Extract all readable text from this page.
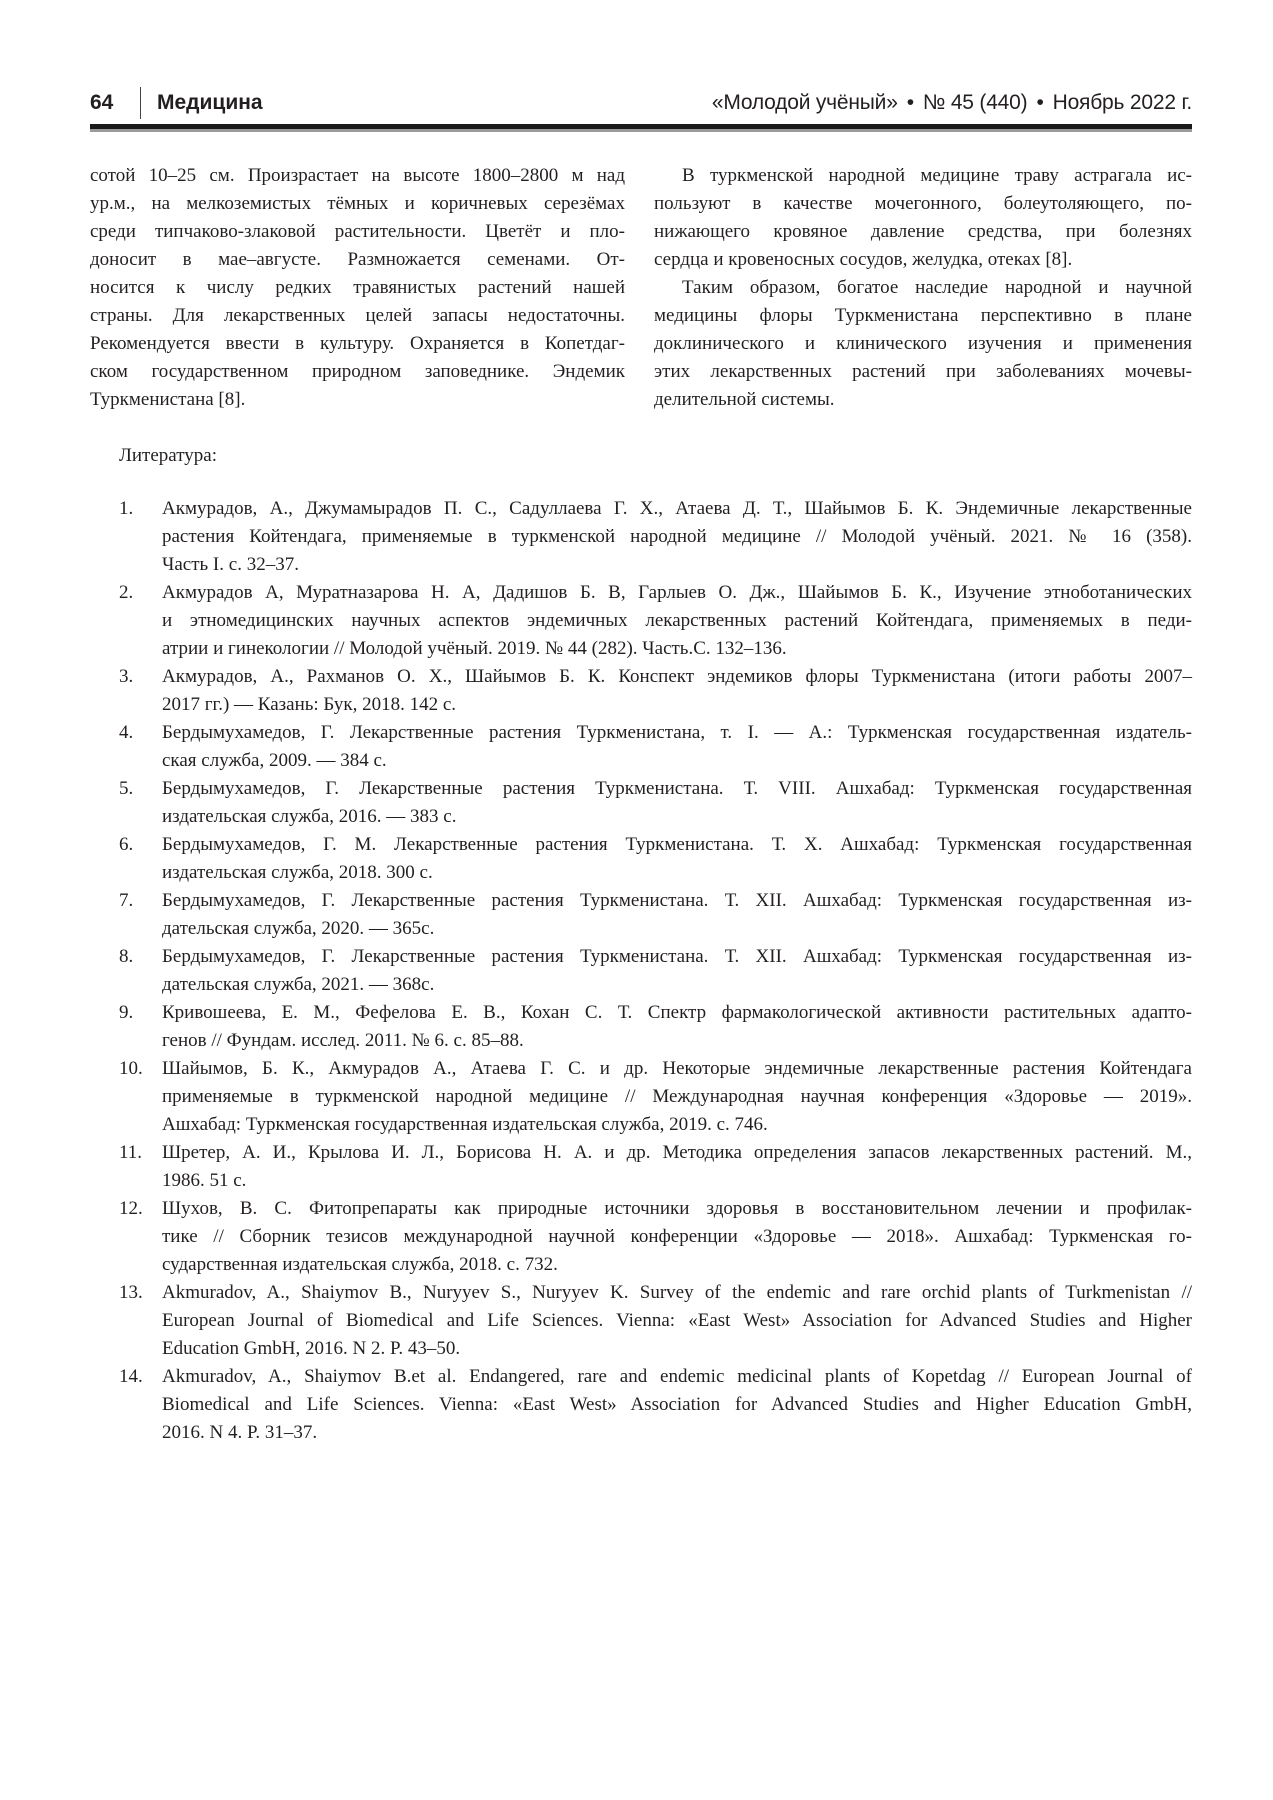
64	Медицина	«Молодой учёный» • № 45 (440) • Ноябрь 2022 г.
сотой 10–25 см. Произрастает на высоте 1800–2800 м над
ур.м., на мелкоземистых тёмных и коричневых серезёмах
среди типчаково-злаковой растительности. Цветёт и пло-
доносит в мае–августе. Размножается семенами. От-
носится к числу редких травянистых растений нашей
страны. Для лекарственных целей запасы недостаточны.
Рекомендуется ввести в культуру. Охраняется в Копетдаг-
ском государственном природном заповеднике. Эндемик
Туркменистана [8].
В туркменской народной медицине траву астрагала ис-
пользуют в качестве мочегонного, болеутоляющего, по-
нижающего кровяное давление средства, при болезнях
сердца и кровеносных сосудов, желудка, отеках [8].
Таким образом, богатое наследие народной и научной
медицины флоры Туркменистана перспективно в плане
доклинического и клинического изучения и применения
этих лекарственных растений при заболеваниях мочевы-
делительной системы.
Литература:
1.	Акмурадов, А., Джумамырадов П. С., Садуллаева Г. Х., Атаева Д. Т., Шайымов Б. К. Эндемичные лекарственные
растения Койтендага, применяемые в туркменской народной медицине // Молодой учёный. 2021. № 16 (358).
Часть I. с. 32–37.
2.	Акмурадов А, Муратназарова Н. А, Дадишов Б. В, Гарлыев О. Дж., Шайымов Б. К., Изучение этноботанических
и этномедицинских научных аспектов эндемичных лекарственных растений Койтендага, применяемых в педи-
атрии и гинекологии // Молодой учёный. 2019. № 44 (282). Часть.С. 132–136.
3.	Акмурадов, А., Рахманов О. Х., Шайымов Б. К. Конспект эндемиков флоры Туркменистана (итоги работы 2007–
2017 гг.) — Казань: Бук, 2018. 142 с.
4.	Бердымухамедов, Г. Лекарственные растения Туркменистана, т. I. — А.: Туркменская государственная издатель-
ская служба, 2009. — 384 с.
5.	Бердымухамедов, Г. Лекарственные растения Туркменистана. Т. VIII. Ашхабад: Туркменская государственная
издательская служба, 2016. — 383 с.
6.	Бердымухамедов, Г. М. Лекарственные растения Туркменистана. Т. X. Ашхабад: Туркменская государственная
издательская служба, 2018. 300 с.
7.	Бердымухамедов, Г. Лекарственные растения Туркменистана. Т. XII. Ашхабад: Туркменская государственная из-
дательская служба, 2020. — 365с.
8.	Бердымухамедов, Г. Лекарственные растения Туркменистана. Т. XII. Ашхабад: Туркменская государственная из-
дательская служба, 2021. — 368с.
9.	Кривошеева, Е. М., Фефелова Е. В., Кохан С. Т. Спектр фармакологической активности растительных адапто-
генов // Фундам. исслед. 2011. № 6. с. 85–88.
10.	Шайымов, Б. К., Акмурадов А., Атаева Г. С. и др. Некоторые эндемичные лекарственные растения Койтендага
применяемые в туркменской народной медицине // Международная научная конференция «Здоровье — 2019».
Ашхабад: Туркменская государственная издательская служба, 2019. с. 746.
11.	Шретер, А. И., Крылова И. Л., Борисова Н. А. и др. Методика определения запасов лекарственных растений. М.,
1986. 51 с.
12.	Шухов, В. С. Фитопрепараты как природные источники здоровья в восстановительном лечении и профилак-
тике // Сборник тезисов международной научной конференции «Здоровье — 2018». Ашхабад: Туркменская го-
сударственная издательская служба, 2018. с. 732.
13.	Akmuradov, A., Shaiymov B., Nuryyev S., Nuryyev K. Survey of the endemic and rare orchid plants of Turkmenistan //
European Journal of Biomedical and Life Sciences. Vienna: «East West» Association for Advanced Studies and Higher
Education GmbH, 2016. N 2. P. 43–50.
14.	Akmuradov, A., Shaiymov B.et al. Endangered, rare and endemic medicinal plants of Kopetdag // European Journal of
Biomedical and Life Sciences. Vienna: «East West» Association for Advanced Studies and Higher Education GmbH,
2016. N 4. P. 31–37.
